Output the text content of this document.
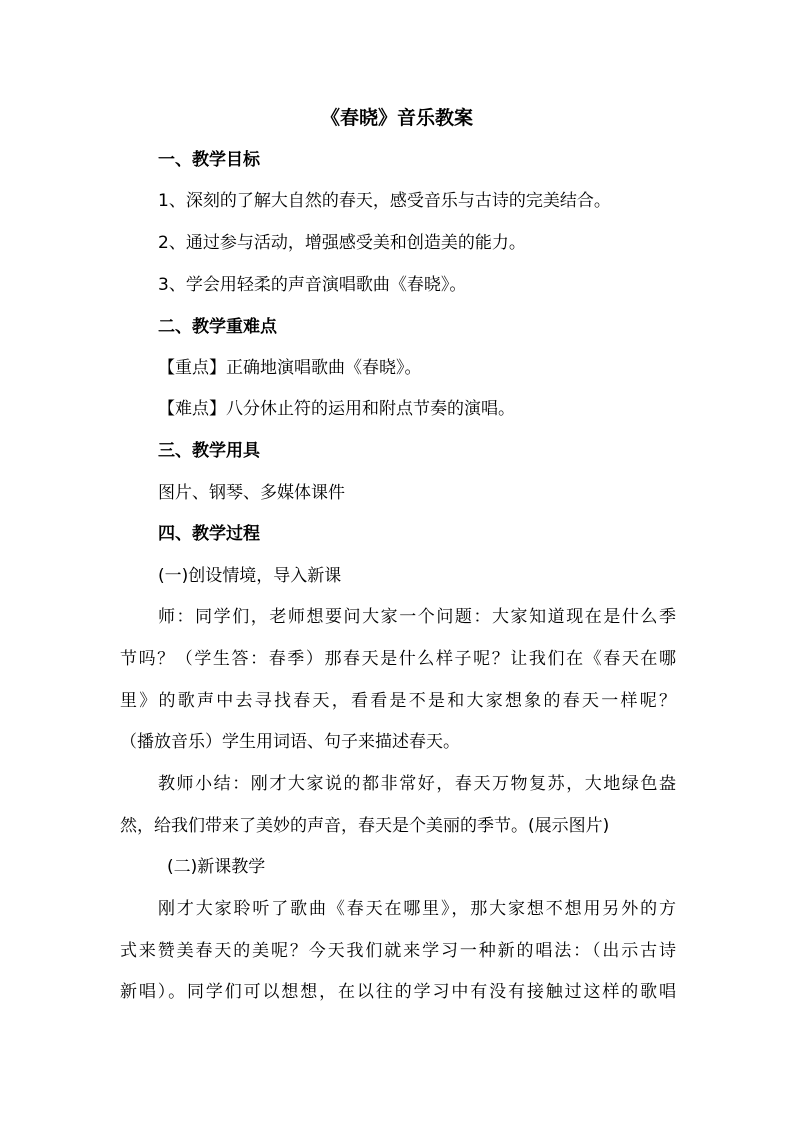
《春晓》音乐教案
一、教学目标
1、深刻的了解大自然的春天，感受音乐与古诗的完美结合。
2、通过参与活动，增强感受美和创造美的能力。
3、学会用轻柔的声音演唱歌曲《春晓》。
二、教学重难点
【重点】正确地演唱歌曲《春晓》。
【难点】八分休止符的运用和附点节奏的演唱。
三、教学用具
图片、钢琴、多媒体课件
四、教学过程
(一)创设情境，导入新课
师：同学们，老师想要问大家一个问题：大家知道现在是什么季
节吗？（学生答：春季）那春天是什么样子呢？让我们在《春天在哪
里》的歌声中去寻找春天，看看是不是和大家想象的春天一样呢？
（播放音乐）学生用词语、句子来描述春天。
教师小结：刚才大家说的都非常好，春天万物复苏，大地绿色盎
然，给我们带来了美妙的声音，春天是个美丽的季节。(展示图片)
(二)新课教学
刚才大家聆听了歌曲《春天在哪里》，那大家想不想用另外的方
式来赞美春天的美呢？今天我们就来学习一种新的唱法：（出示古诗
新唱）。同学们可以想想，在以往的学习中有没有接触过这样的歌唱
